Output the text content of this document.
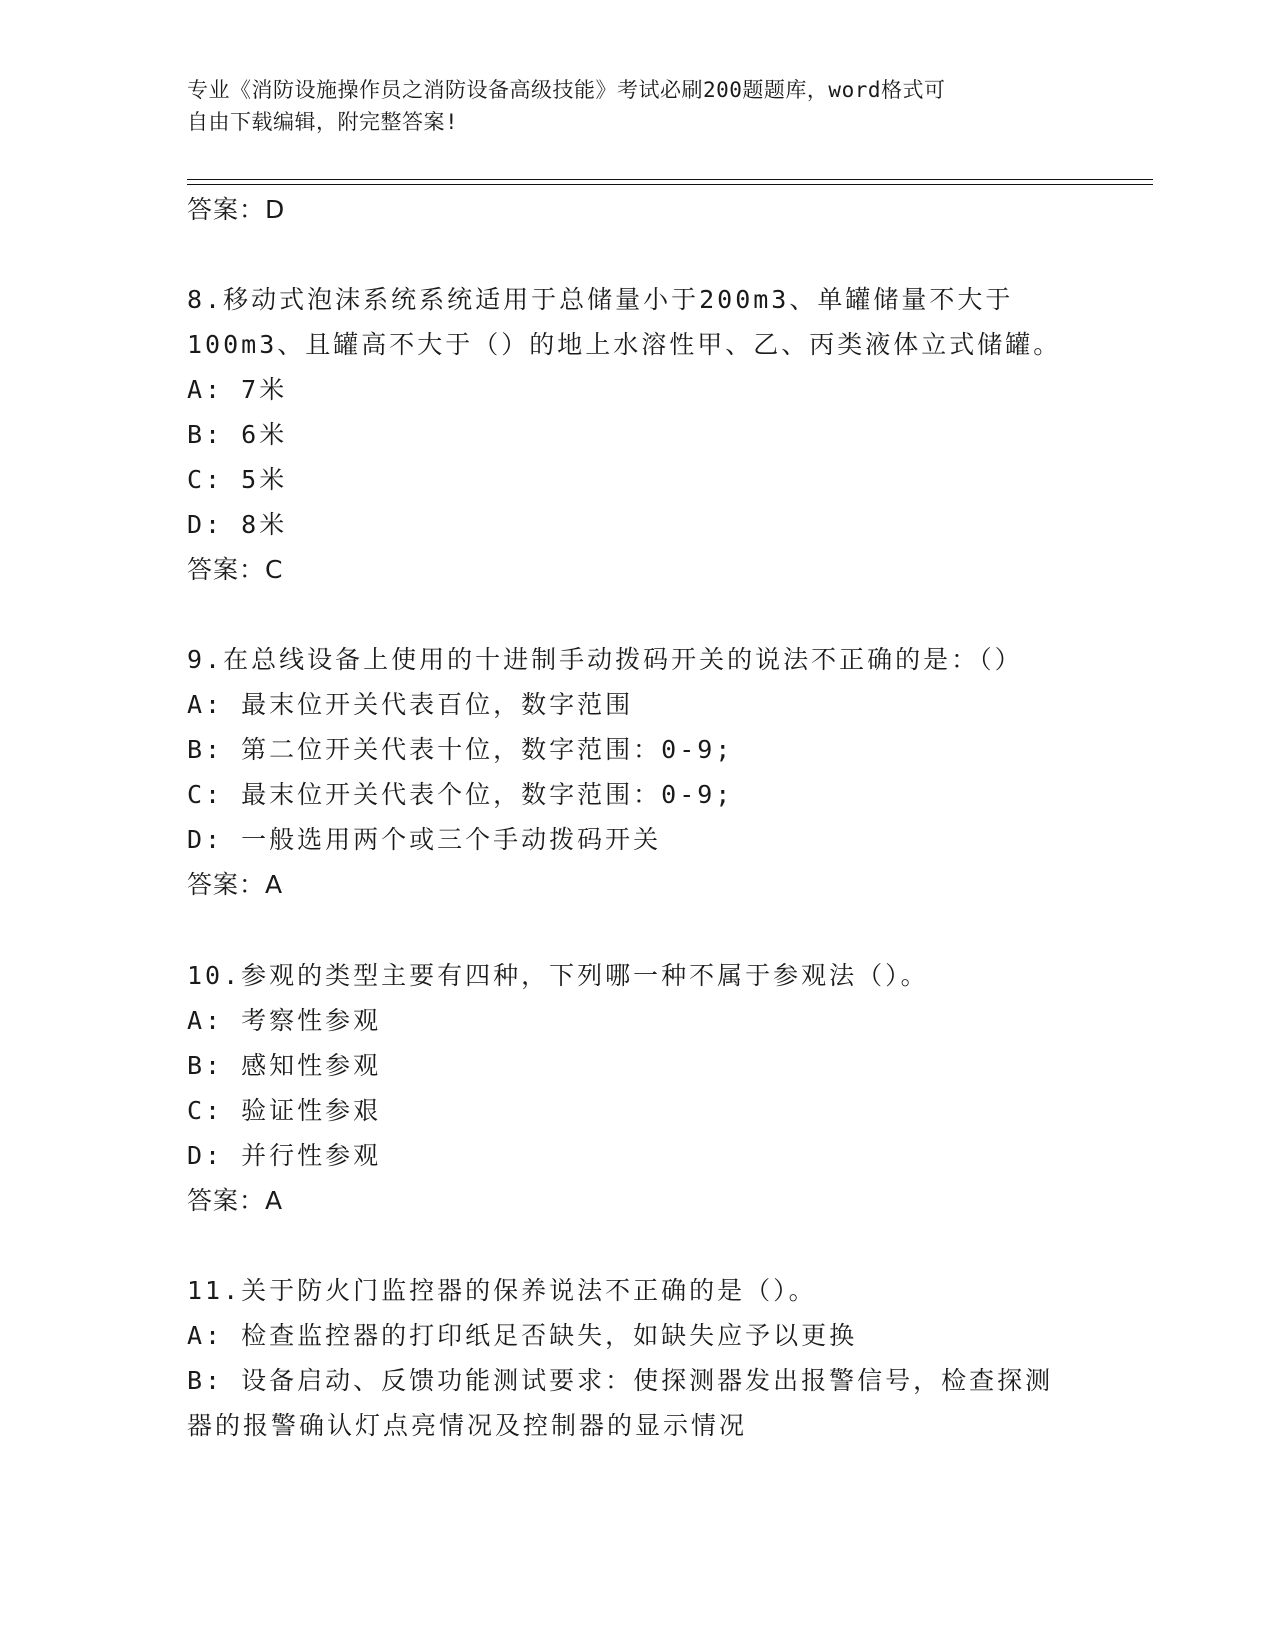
专业《消防设施操作员之消防设备高级技能》考试必刷200题题库，word格式可
自由下载编辑，附完整答案!
答案：D
8.移动式泡沫系统系统适用于总储量小于200m3、单罐储量不大于
100m3、且罐高不大于（）的地上水溶性甲、乙、丙类液体立式储罐。
A: 7米
B: 6米
C: 5米
D: 8米
答案：C
9.在总线设备上使用的十进制手动拨码开关的说法不正确的是：（）
A: 最末位开关代表百位，数字范围
B: 第二位开关代表十位，数字范围：0-9;
C: 最末位开关代表个位，数字范围：0-9;
D: 一般选用两个或三个手动拨码开关
答案：A
10.参观的类型主要有四种，下列哪一种不属于参观法（）。
A: 考察性参观
B: 感知性参观
C: 验证性参艰
D: 并行性参观
答案：A
11.关于防火门监控器的保养说法不正确的是（）。
A: 检查监控器的打印纸足否缺失，如缺失应予以更换
B: 设备启动、反馈功能测试要求：使探测器发出报警信号，检查探测
器的报警确认灯点亮情况及控制器的显示情况
